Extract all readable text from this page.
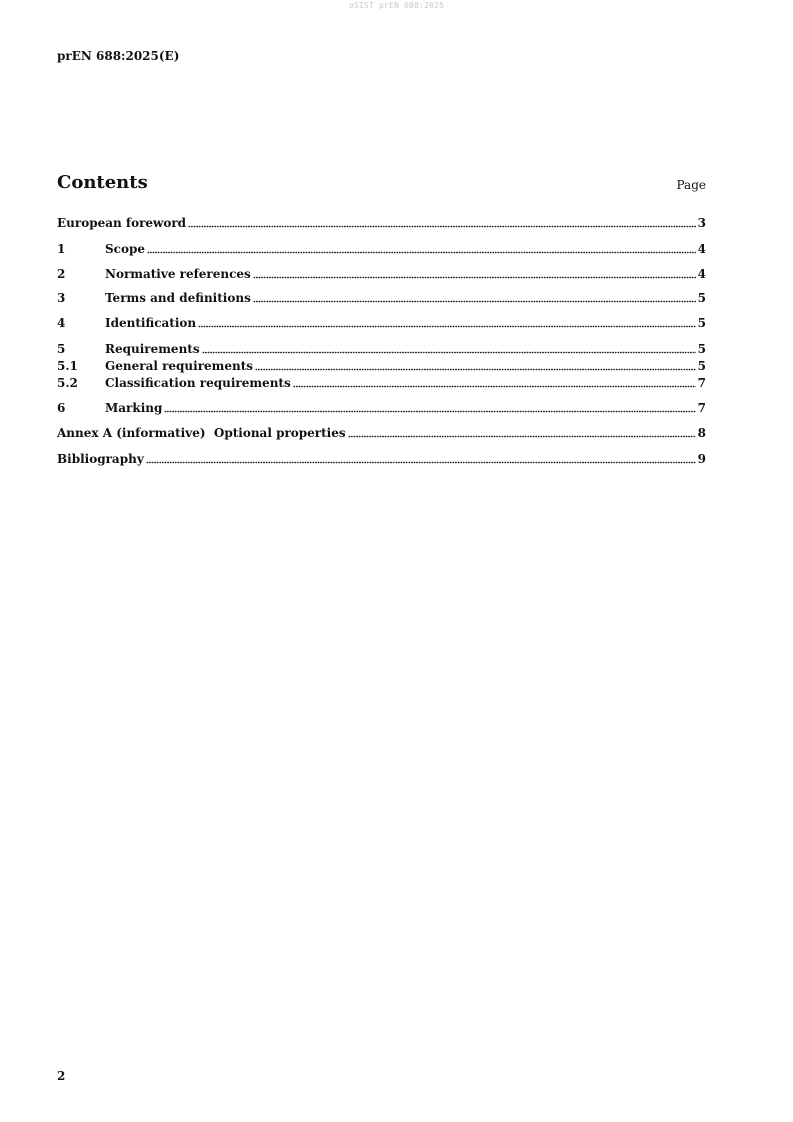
oSIST prEN 688:2025
prEN 688:2025(E)
Contents	Page
European foreword	3
1	Scope	4
2	Normative references	4
3	Terms and definitions	5
4	Identification	5
5	Requirements	5
5.1	General requirements	5
5.2	Classification requirements	7
6	Marking	7
Annex A (informative)  Optional properties	8
Bibliography	9
2
